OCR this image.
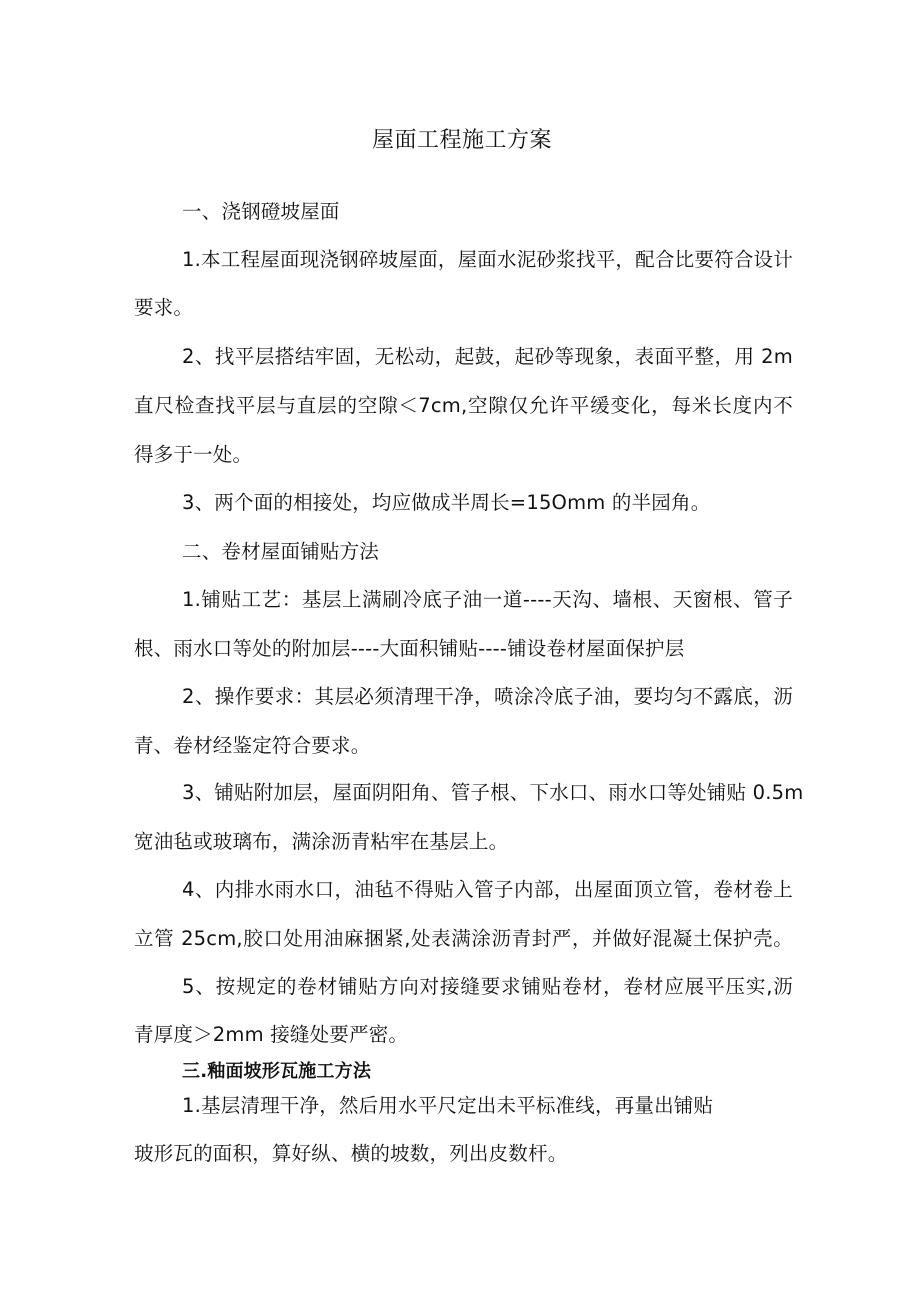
屋面工程施工方案
一、浇钢磴坡屋面
1.本工程屋面现浇钢碎坡屋面，屋面水泥砂浆找平，配合比要符合设计
要求。
2、找平层搭结牢固，无松动，起鼓，起砂等现象，表面平整，用 2m
直尺检查找平层与直层的空隙＜7cm,空隙仅允许平缓变化，每米长度内不
得多于一处。
3、两个面的相接处，均应做成半周长=15Omm 的半园角。
二、卷材屋面铺贴方法
1.铺贴工艺：基层上满刷冷底子油一道----天沟、墙根、天窗根、管子
根、雨水口等处的附加层----大面积铺贴----铺设卷材屋面保护层
2、操作要求：其层必须清理干净，喷涂冷底子油，要均匀不露底，沥
青、卷材经鉴定符合要求。
3、铺贴附加层，屋面阴阳角、管子根、下水口、雨水口等处铺贴 0.5m
宽油毡或玻璃布，满涂沥青粘牢在基层上。
4、内排水雨水口，油毡不得贴入管子内部，出屋面顶立管，卷材卷上
立管 25cm,胶口处用油麻捆紧,处表满涂沥青封严，并做好混凝土保护壳。
5、按规定的卷材铺贴方向对接缝要求铺贴卷材，卷材应展平压实,沥
青厚度＞2mm 接缝处要严密。
三.釉面坡形瓦施工方法
1.基层清理干净，然后用水平尺定出未平标准线，再量出铺贴
玻形瓦的面积，算好纵、横的坡数，列出皮数杆。
